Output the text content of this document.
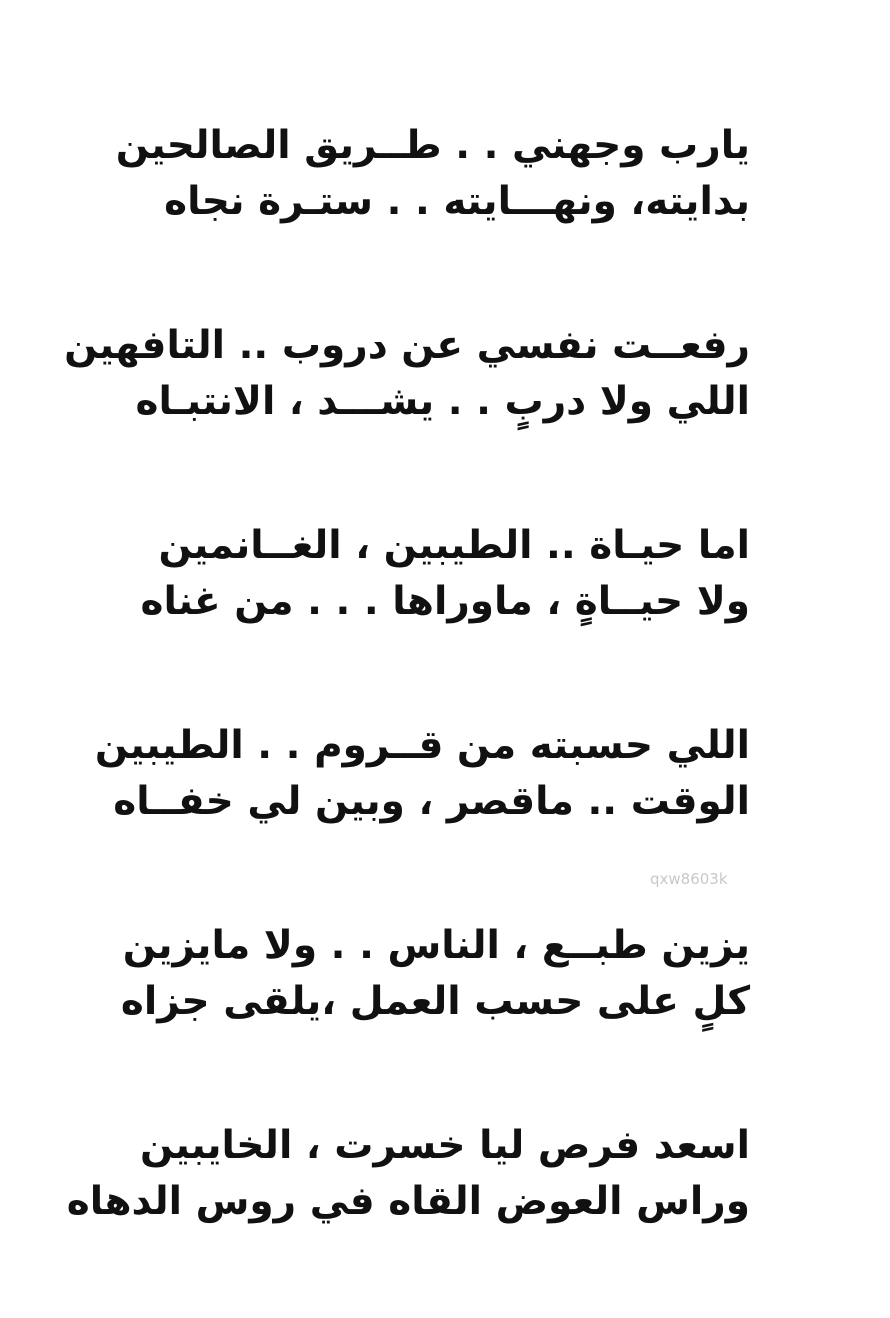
يارب وجهني . . طــريق الصالحين
بدايته، ونهـــايته . . ستـرة نجاه
رفعــت نفسي عن دروب .. التافهين
اللي ولا دربٍ . . يشـــد ، الانتبـاه
اما حيـاة .. الطيبين ، الغــانمين
ولا حيــاةٍ ، ماوراها . . . من غناه
اللي حسبته من قــروم . . الطيبين
الوقت .. ماقصر ، وبين لي خفــاه
يزين طبــع ، الناس . . ولا مايزين
كلٍ على حسب العمل ،يلقى جزاه
اسعد فرص ليا خسرت ، الخايبين
وراس العوض القاه في روس الدهاه
qxw8603k
